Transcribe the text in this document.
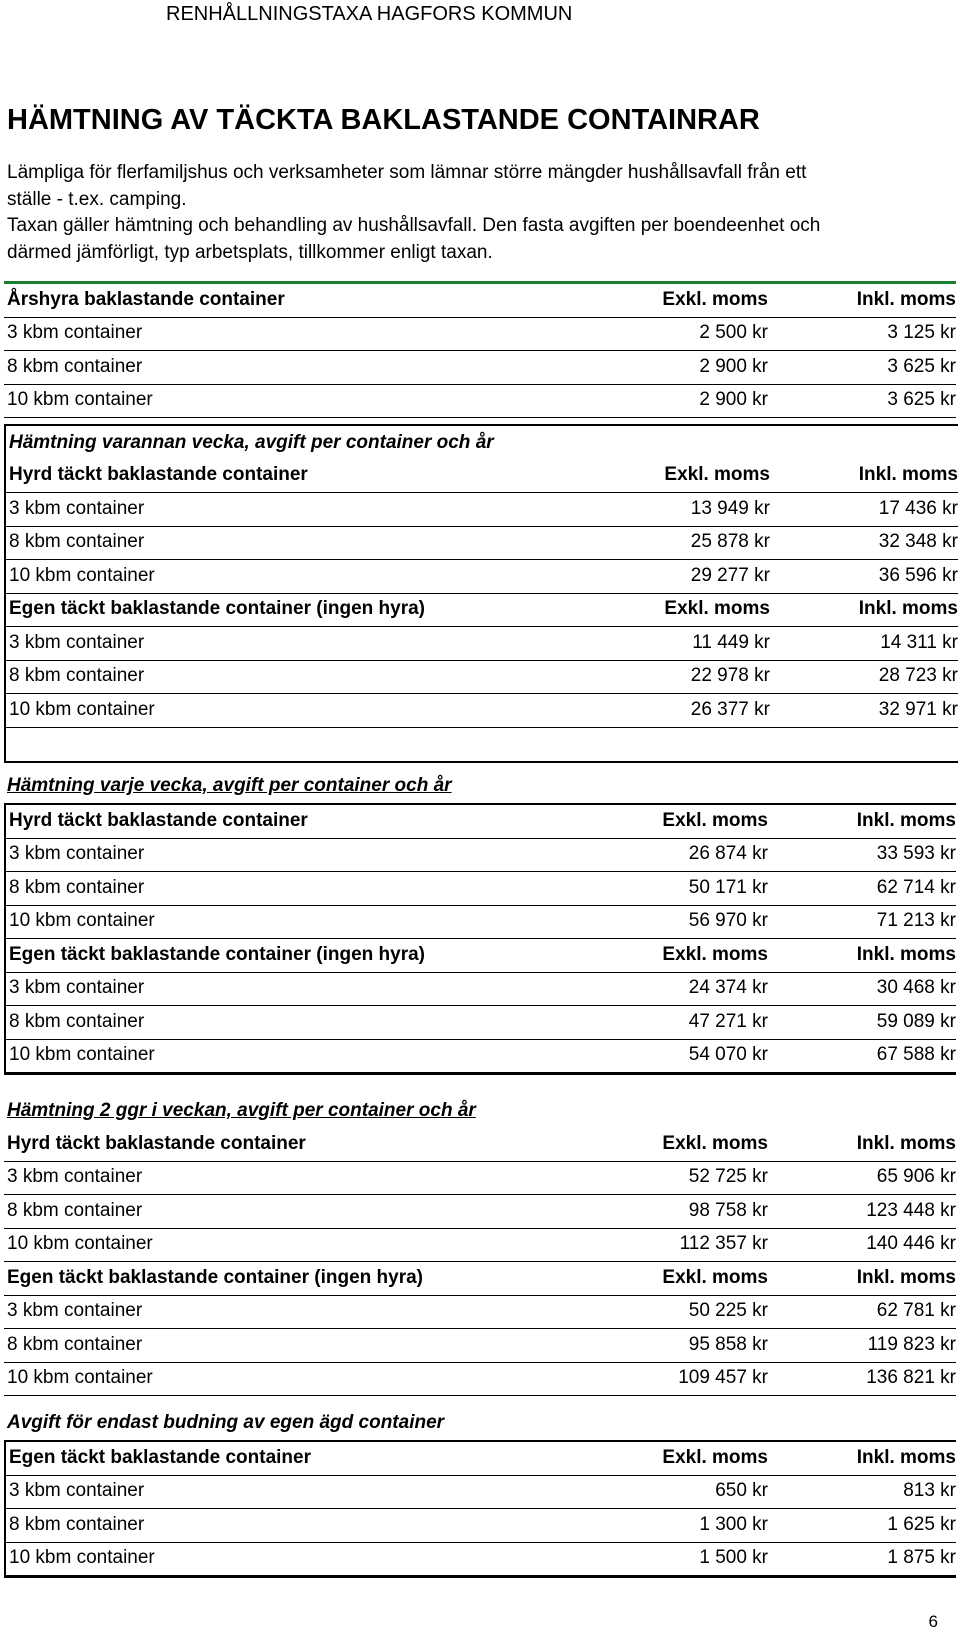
RENHÅLLNINGSTAXA HAGFORS KOMMUN
HÄMTNING AV TÄCKTA BAKLASTANDE CONTAINRAR
Lämpliga för flerfamiljshus och verksamheter som lämnar större mängder hushållsavfall från ett
ställe - t.ex. camping.
Taxan gäller hämtning och behandling av hushållsavfall. Den fasta avgiften per boendeenhet och
därmed jämförligt, typ arbetsplats, tillkommer enligt taxan.
Årshyra baklastande container	Exkl. moms	Inkl. moms
3 kbm container	2 500 kr	3 125 kr
8 kbm container	2 900 kr	3 625 kr
10 kbm container	2 900 kr	3 625 kr
Hämtning varannan vecka, avgift per container och år
Hyrd täckt baklastande container	Exkl. moms	Inkl. moms
3 kbm container	13 949 kr	17 436 kr
8 kbm container	25 878 kr	32 348 kr
10 kbm container	29 277 kr	36 596 kr
Egen täckt baklastande container (ingen hyra)	Exkl. moms	Inkl. moms
3 kbm container	11 449 kr	14 311 kr
8 kbm container	22 978 kr	28 723 kr
10 kbm container	26 377 kr	32 971 kr
Hämtning varje vecka, avgift per container och år
Hyrd täckt baklastande container	Exkl. moms	Inkl. moms
3 kbm container	26 874 kr	33 593 kr
8 kbm container	50 171 kr	62 714 kr
10 kbm container	56 970 kr	71 213 kr
Egen täckt baklastande container (ingen hyra)	Exkl. moms	Inkl. moms
3 kbm container	24 374 kr	30 468 kr
8 kbm container	47 271 kr	59 089 kr
10 kbm container	54 070 kr	67 588 kr
Hämtning 2 ggr i veckan, avgift per container och år
Hyrd täckt baklastande container	Exkl. moms	Inkl. moms
3 kbm container	52 725 kr	65 906 kr
8 kbm container	98 758 kr	123 448 kr
10 kbm container	112 357 kr	140 446 kr
Egen täckt baklastande container (ingen hyra)	Exkl. moms	Inkl. moms
3 kbm container	50 225 kr	62 781 kr
8 kbm container	95 858 kr	119 823 kr
10 kbm container	109 457 kr	136 821 kr
Avgift för endast budning av egen ägd container
Egen täckt baklastande container	Exkl. moms	Inkl. moms
3 kbm container	650 kr	813 kr
8 kbm container	1 300 kr	1 625 kr
10 kbm container	1 500 kr	1 875 kr
6
